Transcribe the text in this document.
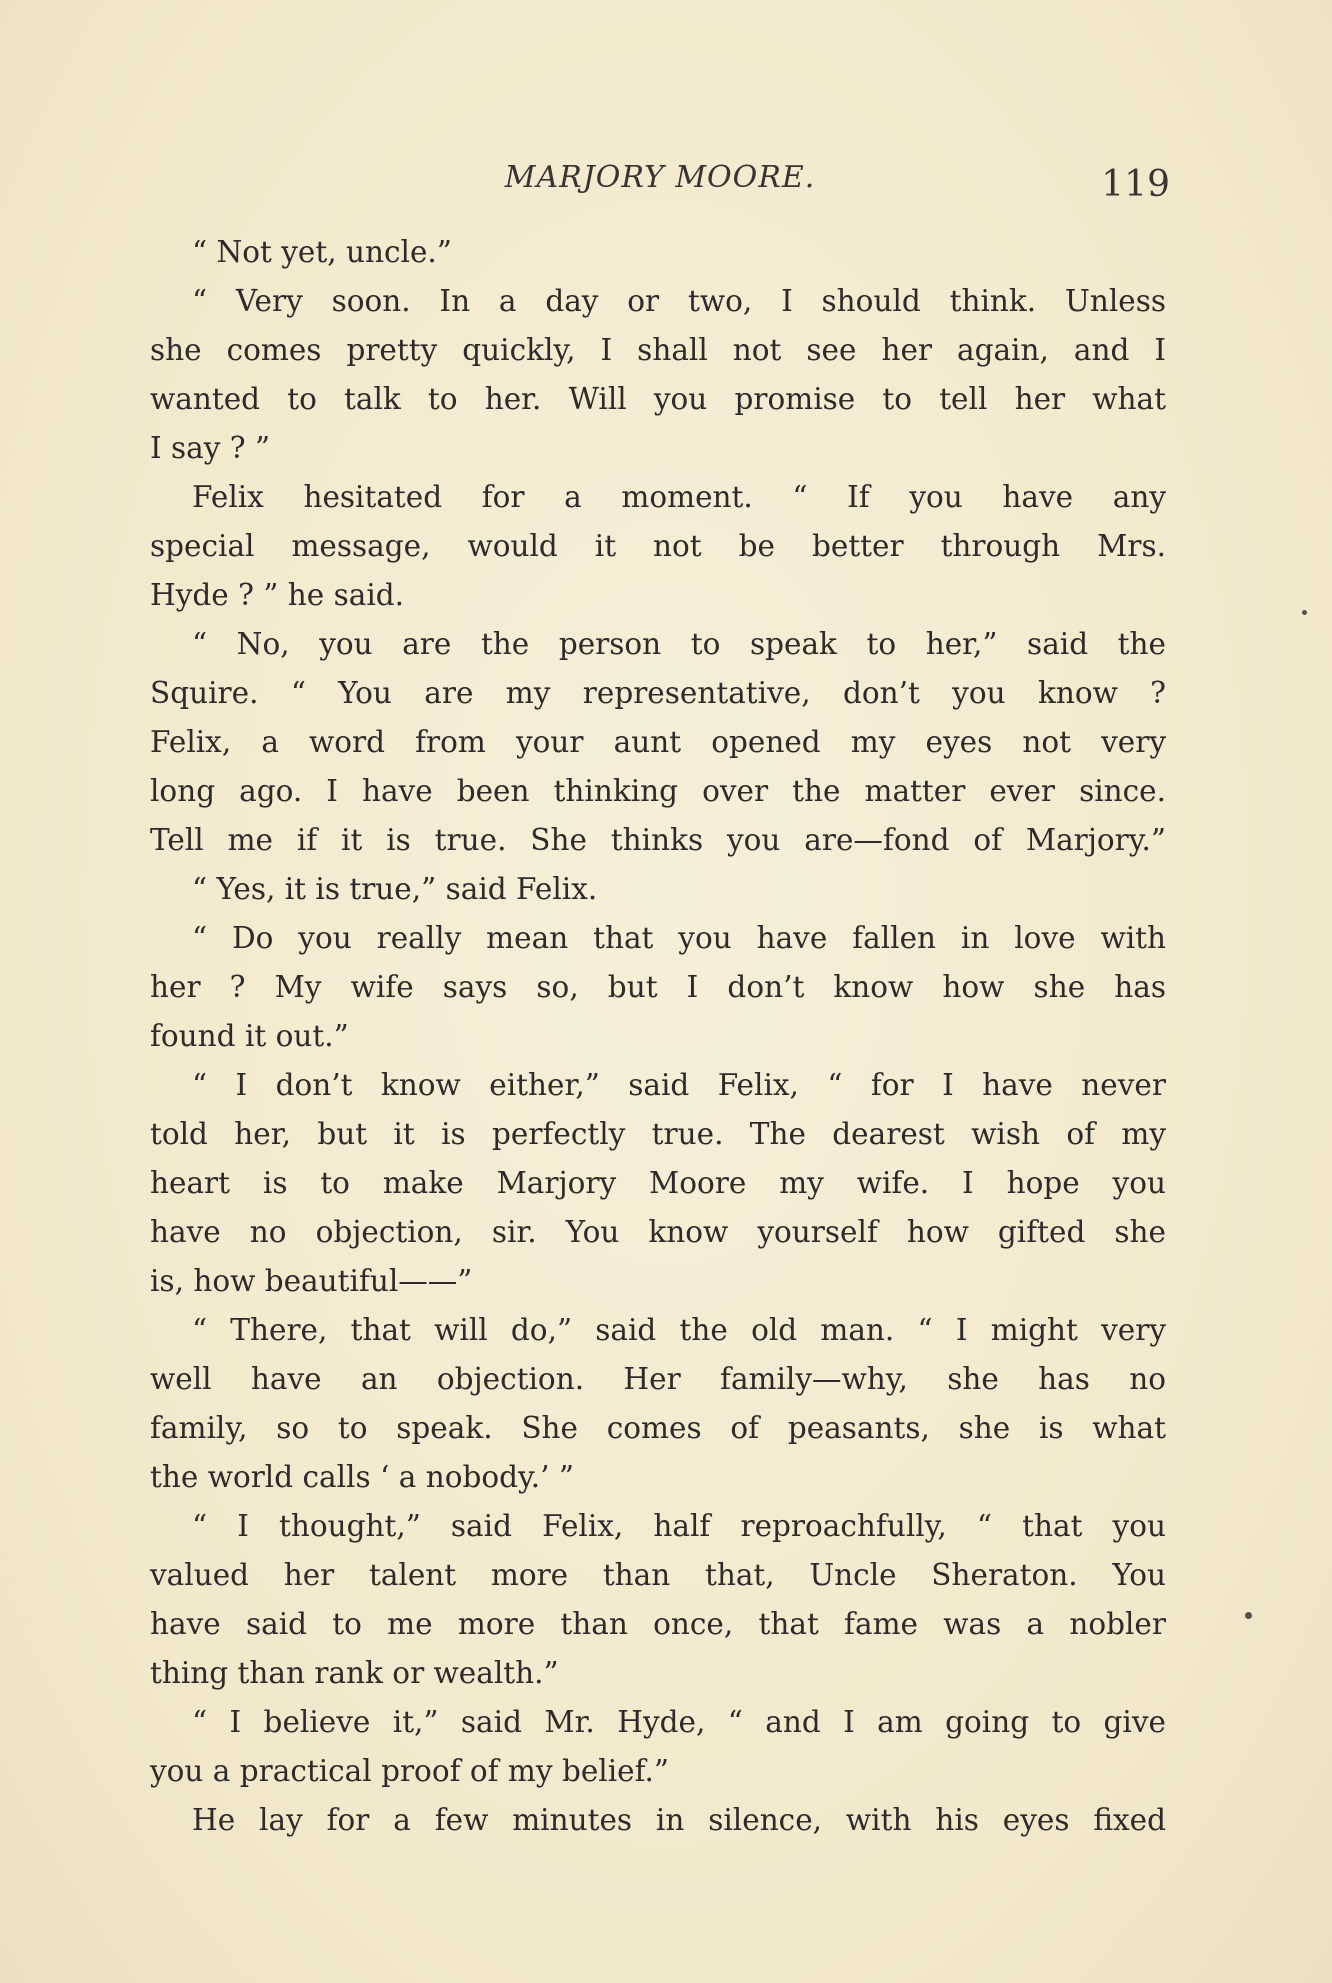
MARJORY MOORE.	119
“ Not yet, uncle.”
“ Very soon. In a day or two, I should think. Unless
she comes pretty quickly, I shall not see her again, and I
wanted to talk to her. Will you promise to tell her what
I say ? ”
Felix hesitated for a moment. “ If you have any
special message, would it not be better through Mrs.
Hyde ? ” he said.
“ No, you are the person to speak to her,” said the
Squire. “ You are my representative, don’t you know ?
Felix, a word from your aunt opened my eyes not very
long ago. I have been thinking over the matter ever since.
Tell me if it is true. She thinks you are—fond of Marjory.”
“ Yes, it is true,” said Felix.
“ Do you really mean that you have fallen in love with
her ? My wife says so, but I don’t know how she has
found it out.”
“ I don’t know either,” said Felix, “ for I have never
told her, but it is perfectly true. The dearest wish of my
heart is to make Marjory Moore my wife. I hope you
have no objection, sir. You know yourself how gifted she
is, how beautiful——”
“ There, that will do,” said the old man. “ I might very
well have an objection. Her family—why, she has no
family, so to speak. She comes of peasants, she is what
the world calls ‘ a nobody.’ ”
“ I thought,” said Felix, half reproachfully, “ that you
valued her talent more than that, Uncle Sheraton. You
have said to me more than once, that fame was a nobler
thing than rank or wealth.”
“ I believe it,” said Mr. Hyde, “ and I am going to give
you a practical proof of my belief.”
He lay for a few minutes in silence, with his eyes fixed
